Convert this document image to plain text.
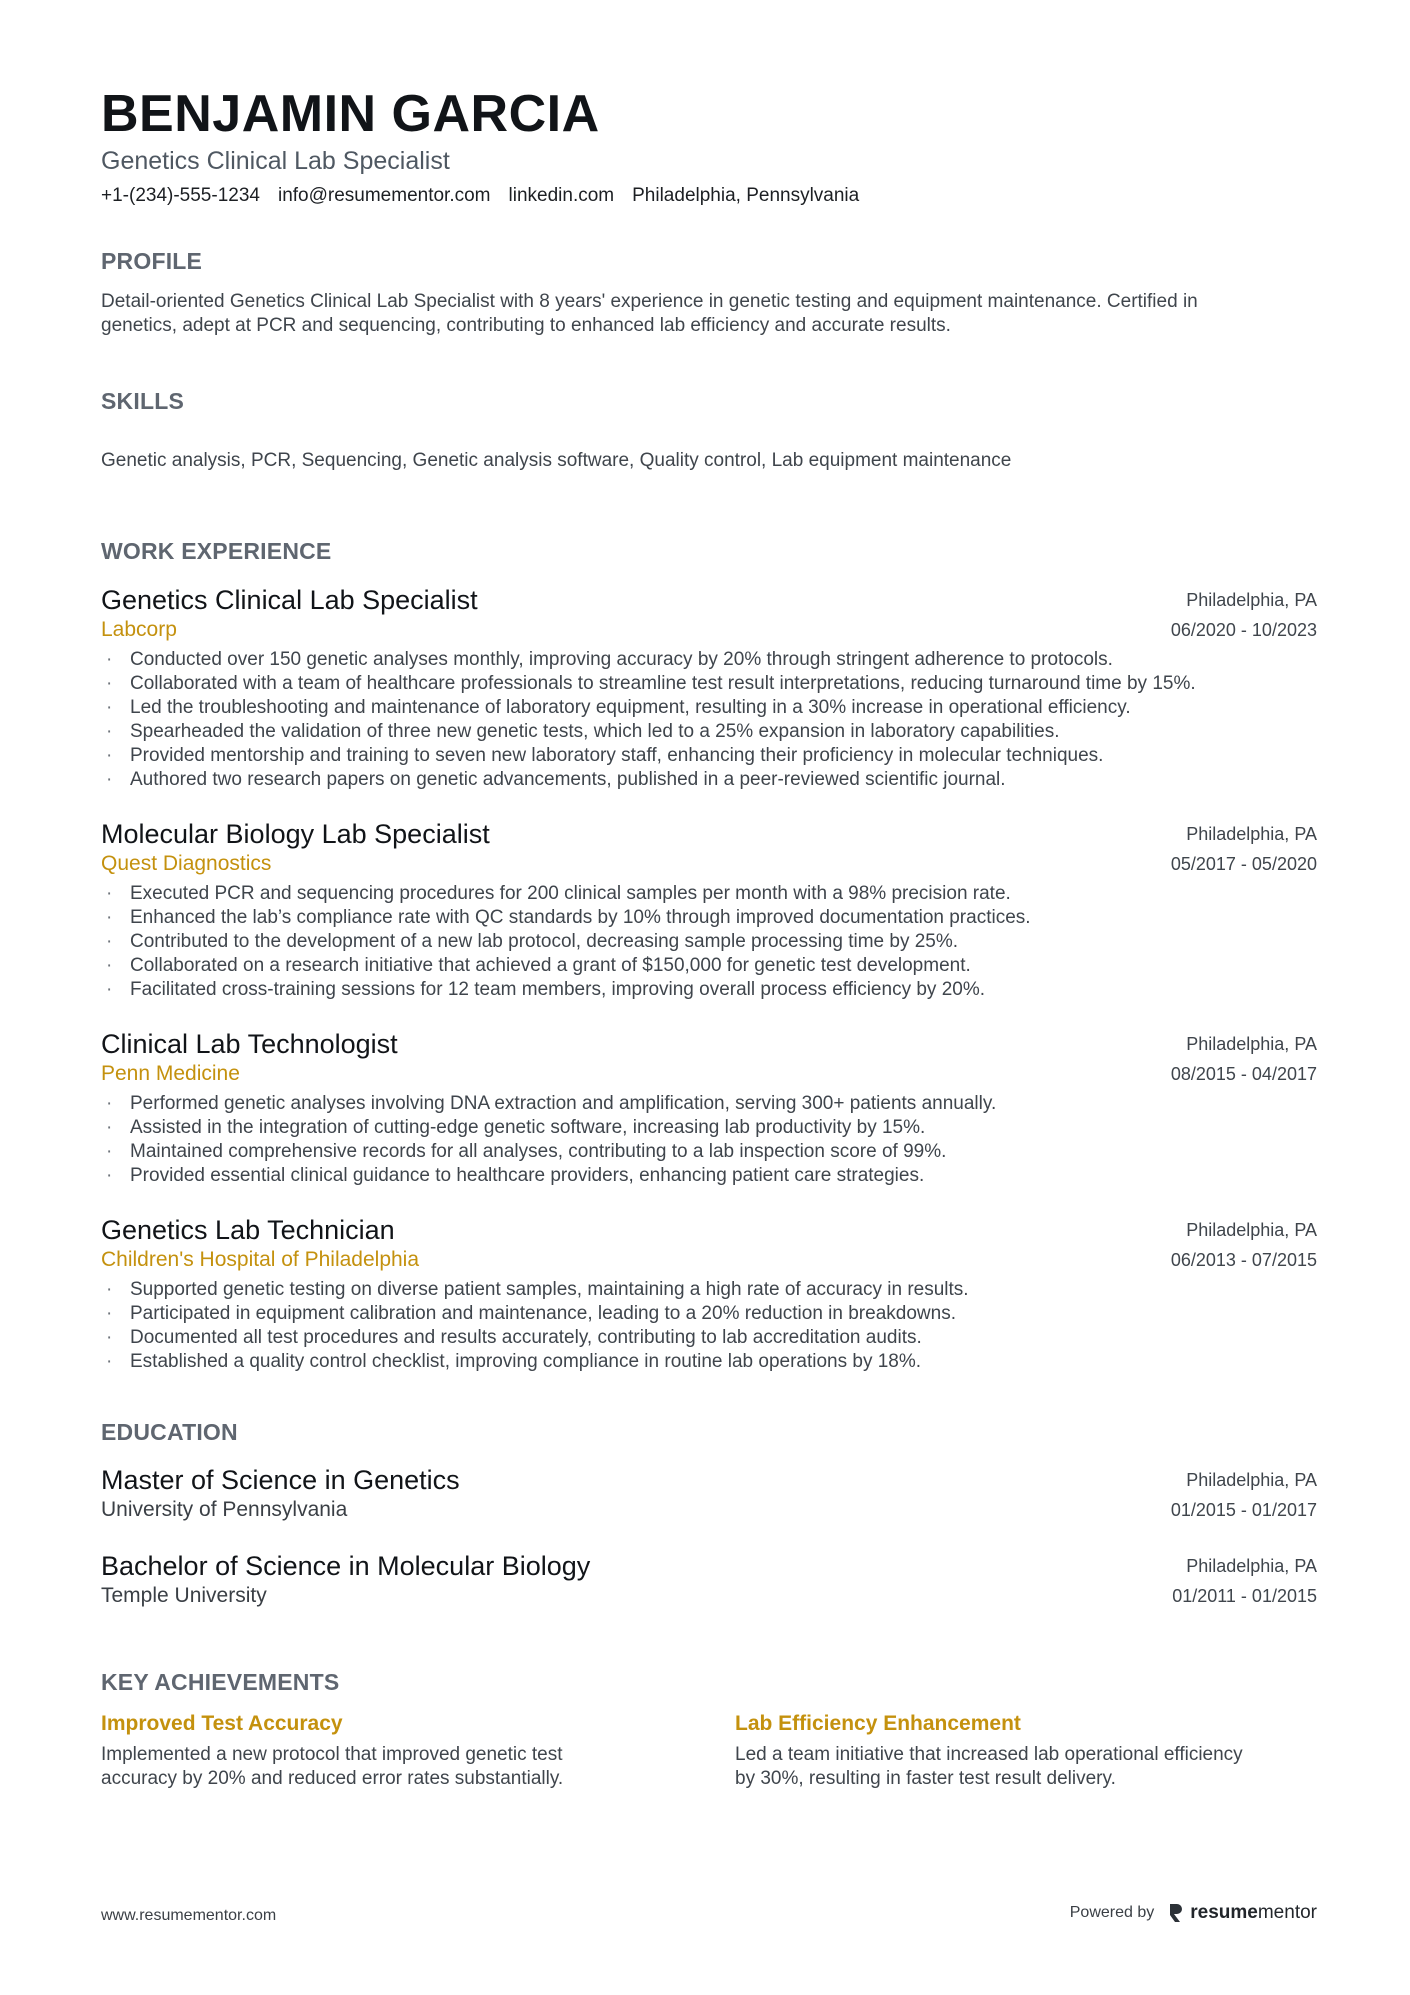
BENJAMIN GARCIA
Genetics Clinical Lab Specialist
+1-(234)-555-1234 info@resumementor.com linkedin.com Philadelphia, Pennsylvania
PROFILE

Detail-oriented Genetics Clinical Lab Specialist with 8 years' experience in genetic testing and equipment maintenance. Certified in

genetics, adept at PCR and sequencing, contributing to enhanced lab efficiency and accurate results.

SKILLS

Genetic analysis, PCR, Sequencing, Genetic analysis software, Quality control, Lab equipment maintenance

WORK EXPERIENCE
Genetics Clinical Lab Specialist
Labcorp
Philadelphia, PA
06/2020 - 10/2023
· Conducted over 150 genetic analyses monthly, improving accuracy by 20% through stringent adherence to protocols.
· Collaborated with a team of healthcare professionals to streamline test result interpretations, reducing turnaround time by 15%.
· Led the troubleshooting and maintenance of laboratory equipment, resulting in a 30% increase in operational efficiency.
· Spearheaded the validation of three new genetic tests, which led to a 25% expansion in laboratory capabilities.
· Provided mentorship and training to seven new laboratory staff, enhancing their proficiency in molecular techniques.
· Authored two research papers on genetic advancements, published in a peer-reviewed scientific journal.
Molecular Biology Lab Specialist
Quest Diagnostics
Philadelphia, PA
05/2017 - 05/2020
· Executed PCR and sequencing procedures for 200 clinical samples per month with a 98% precision rate.
· Enhanced the lab’s compliance rate with QC standards by 10% through improved documentation practices.
· Contributed to the development of a new lab protocol, decreasing sample processing time by 25%.
· Collaborated on a research initiative that achieved a grant of $150,000 for genetic test development.
· Facilitated cross-training sessions for 12 team members, improving overall process efficiency by 20%.
Clinical Lab Technologist
Penn Medicine
Philadelphia, PA
08/2015 - 04/2017
· Performed genetic analyses involving DNA extraction and amplification, serving 300+ patients annually.
· Assisted in the integration of cutting-edge genetic software, increasing lab productivity by 15%.
· Maintained comprehensive records for all analyses, contributing to a lab inspection score of 99%.
· Provided essential clinical guidance to healthcare providers, enhancing patient care strategies.
Genetics Lab Technician
Children's Hospital of Philadelphia
Philadelphia, PA
06/2013 - 07/2015
· Supported genetic testing on diverse patient samples, maintaining a high rate of accuracy in results.
· Participated in equipment calibration and maintenance, leading to a 20% reduction in breakdowns.
· Documented all test procedures and results accurately, contributing to lab accreditation audits.
· Established a quality control checklist, improving compliance in routine lab operations by 18%.
EDUCATION
Master of Science in Genetics
University of Pennsylvania
Philadelphia, PA
01/2015 - 01/2017
Bachelor of Science in Molecular Biology
Temple University
Philadelphia, PA
01/2011 - 01/2015
KEY ACHIEVEMENTS
Improved Test Accuracy
Implemented a new protocol that improved genetic test
accuracy by 20% and reduced error rates substantially.
Lab Efficiency Enhancement
Led a team initiative that increased lab operational efficiency
by 30%, resulting in faster test result delivery.
www.resumementor.com	Powered by resumementor
